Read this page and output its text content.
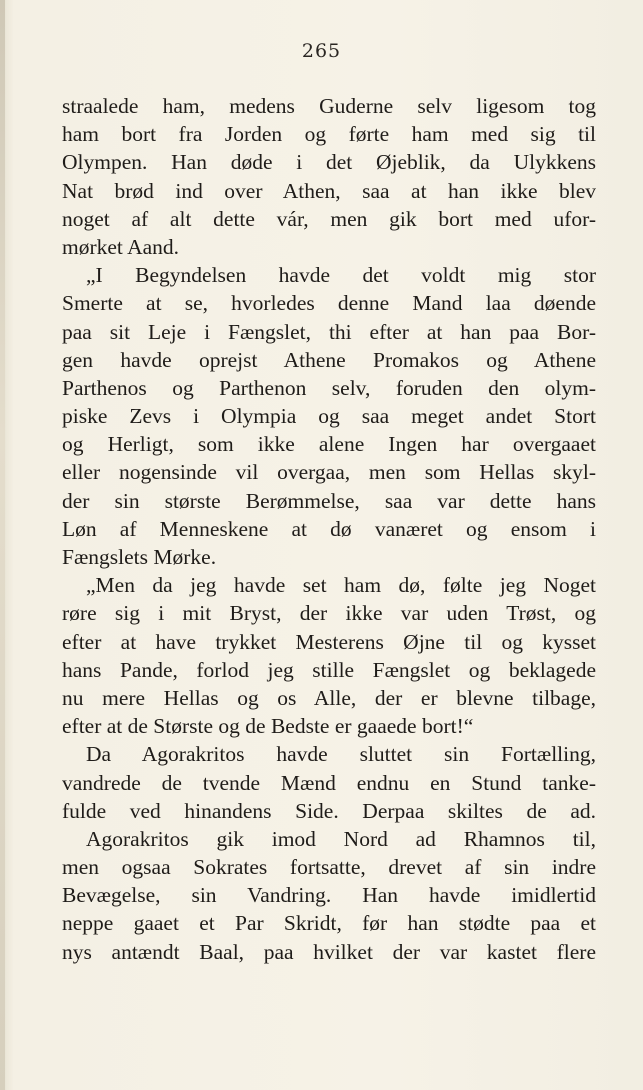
265
straalede ham, medens Guderne selv ligesom tog
ham bort fra Jorden og førte ham med sig til
Olympen. Han døde i det Øjeblik, da Ulykkens
Nat brød ind over Athen, saa at han ikke blev
noget af alt dette vár, men gik bort med ufor-
mørket Aand.
„I Begyndelsen havde det voldt mig stor
Smerte at se, hvorledes denne Mand laa døende
paa sit Leje i Fængslet, thi efter at han paa Bor-
gen havde oprejst Athene Promakos og Athene
Parthenos og Parthenon selv, foruden den olym-
piske Zevs i Olympia og saa meget andet Stort
og Herligt, som ikke alene Ingen har overgaaet
eller nogensinde vil overgaa, men som Hellas skyl-
der sin største Berømmelse, saa var dette hans
Løn af Menneskene at dø vanæret og ensom i
Fængslets Mørke.
„Men da jeg havde set ham dø, følte jeg Noget
røre sig i mit Bryst, der ikke var uden Trøst, og
efter at have trykket Mesterens Øjne til og kysset
hans Pande, forlod jeg stille Fængslet og beklagede
nu mere Hellas og os Alle, der er blevne tilbage,
efter at de Største og de Bedste er gaaede bort!“
Da Agorakritos havde sluttet sin Fortælling,
vandrede de tvende Mænd endnu en Stund tanke-
fulde ved hinandens Side. Derpaa skiltes de ad.
Agorakritos gik imod Nord ad Rhamnos til,
men ogsaa Sokrates fortsatte, drevet af sin indre
Bevægelse, sin Vandring. Han havde imidlertid
neppe gaaet et Par Skridt, før han stødte paa et
nys antændt Baal, paa hvilket der var kastet flere
